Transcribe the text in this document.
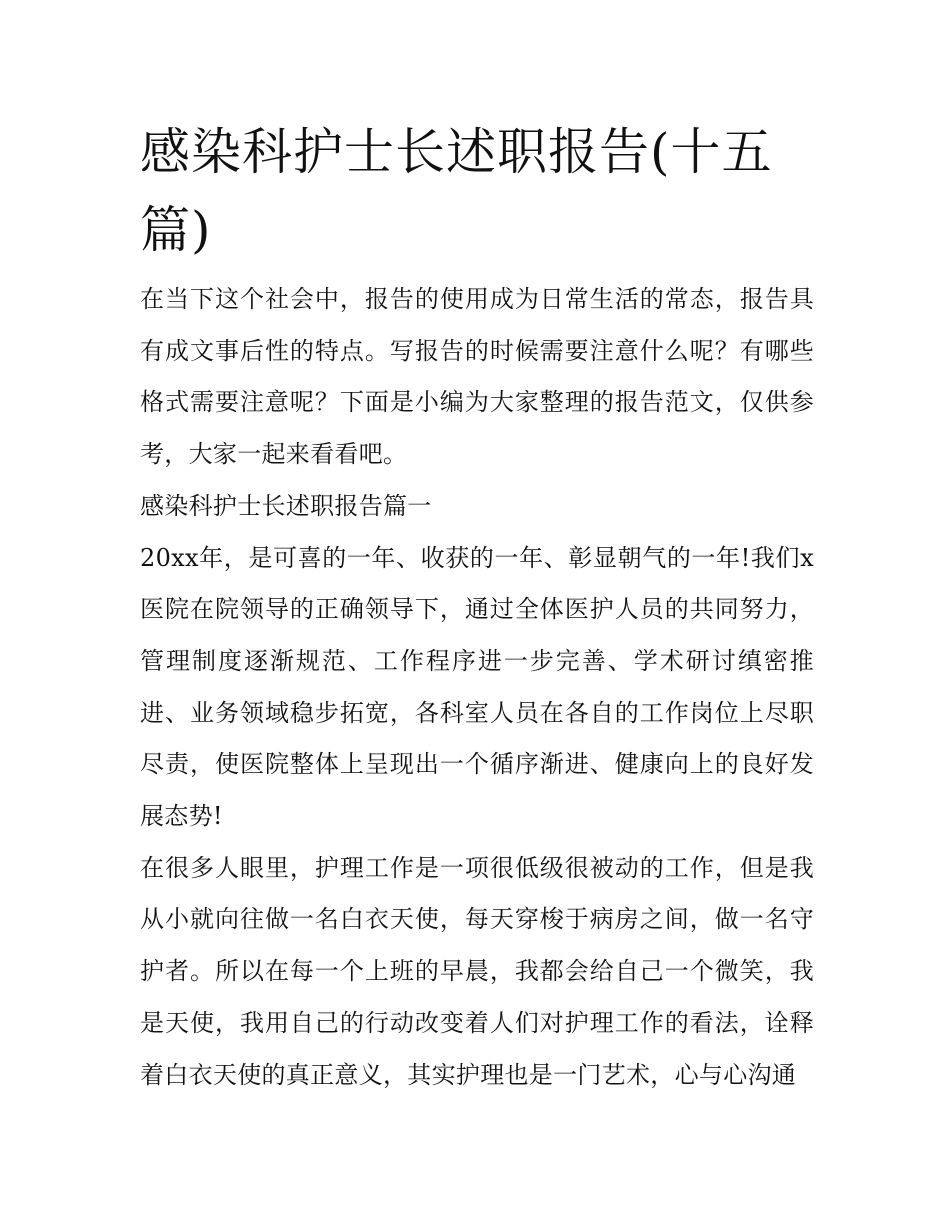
感染科护士长述职报告(十五篇)

在当下这个社会中，报告的使用成为日常生活的常态，报告具有成文事后性的特点。写报告的时候需要注意什么呢？有哪些格式需要注意呢？下面是小编为大家整理的报告范文，仅供参考，大家一起来看看吧。

感染科护士长述职报告篇一

20xx年，是可喜的一年、收获的一年、彰显朝气的一年!我们x医院在院领导的正确领导下，通过全体医护人员的共同努力，管理制度逐渐规范、工作程序进一步完善、学术研讨缜密推进、业务领域稳步拓宽，各科室人员在各自的工作岗位上尽职尽责，使医院整体上呈现出一个循序渐进、健康向上的良好发展态势!

在很多人眼里，护理工作是一项很低级很被动的工作，但是我从小就向往做一名白衣天使，每天穿梭于病房之间，做一名守护者。所以在每一个上班的早晨，我都会给自己一个微笑，我是天使，我用自己的行动改变着人们对护理工作的看法，诠释着白衣天使的真正意义，其实护理也是一门艺术，心与心沟通
